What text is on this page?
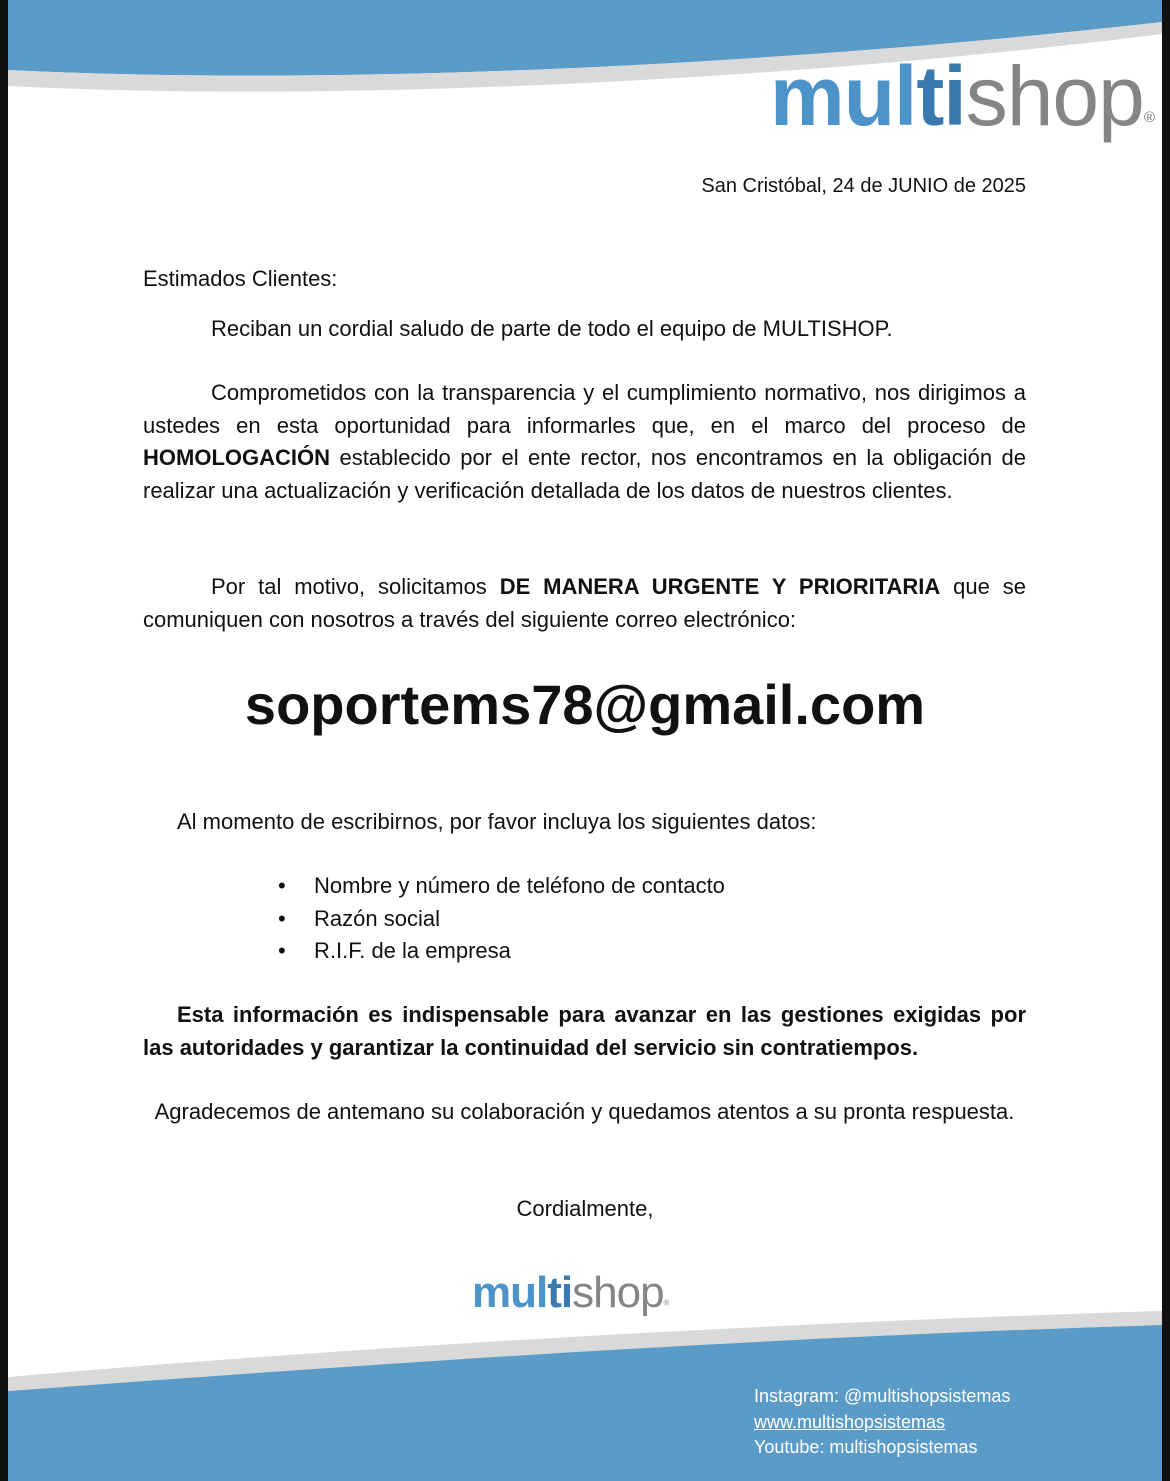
multishop®
San Cristóbal, 24 de JUNIO de 2025
Estimados Clientes:
Reciban un cordial saludo de parte de todo el equipo de MULTISHOP.
Comprometidos con la transparencia y el cumplimiento normativo, nos dirigimos a ustedes en esta oportunidad para informarles que, en el marco del proceso de HOMOLOGACIÓN establecido por el ente rector, nos encontramos en la obligación de realizar una actualización y verificación detallada de los datos de nuestros clientes.
Por tal motivo, solicitamos DE MANERA URGENTE Y PRIORITARIA que se comuniquen con nosotros a través del siguiente correo electrónico:
soportems78@gmail.com
Al momento de escribirnos, por favor incluya los siguientes datos:
• Nombre y número de teléfono de contacto
• Razón social
• R.I.F. de la empresa
Esta información es indispensable para avanzar en las gestiones exigidas por las autoridades y garantizar la continuidad del servicio sin contratiempos.
Agradecemos de antemano su colaboración y quedamos atentos a su pronta respuesta.
Cordialmente,
multishop®
Instagram: @multishopsistemas
www.multishopsistemas
Youtube: multishopsistemas
